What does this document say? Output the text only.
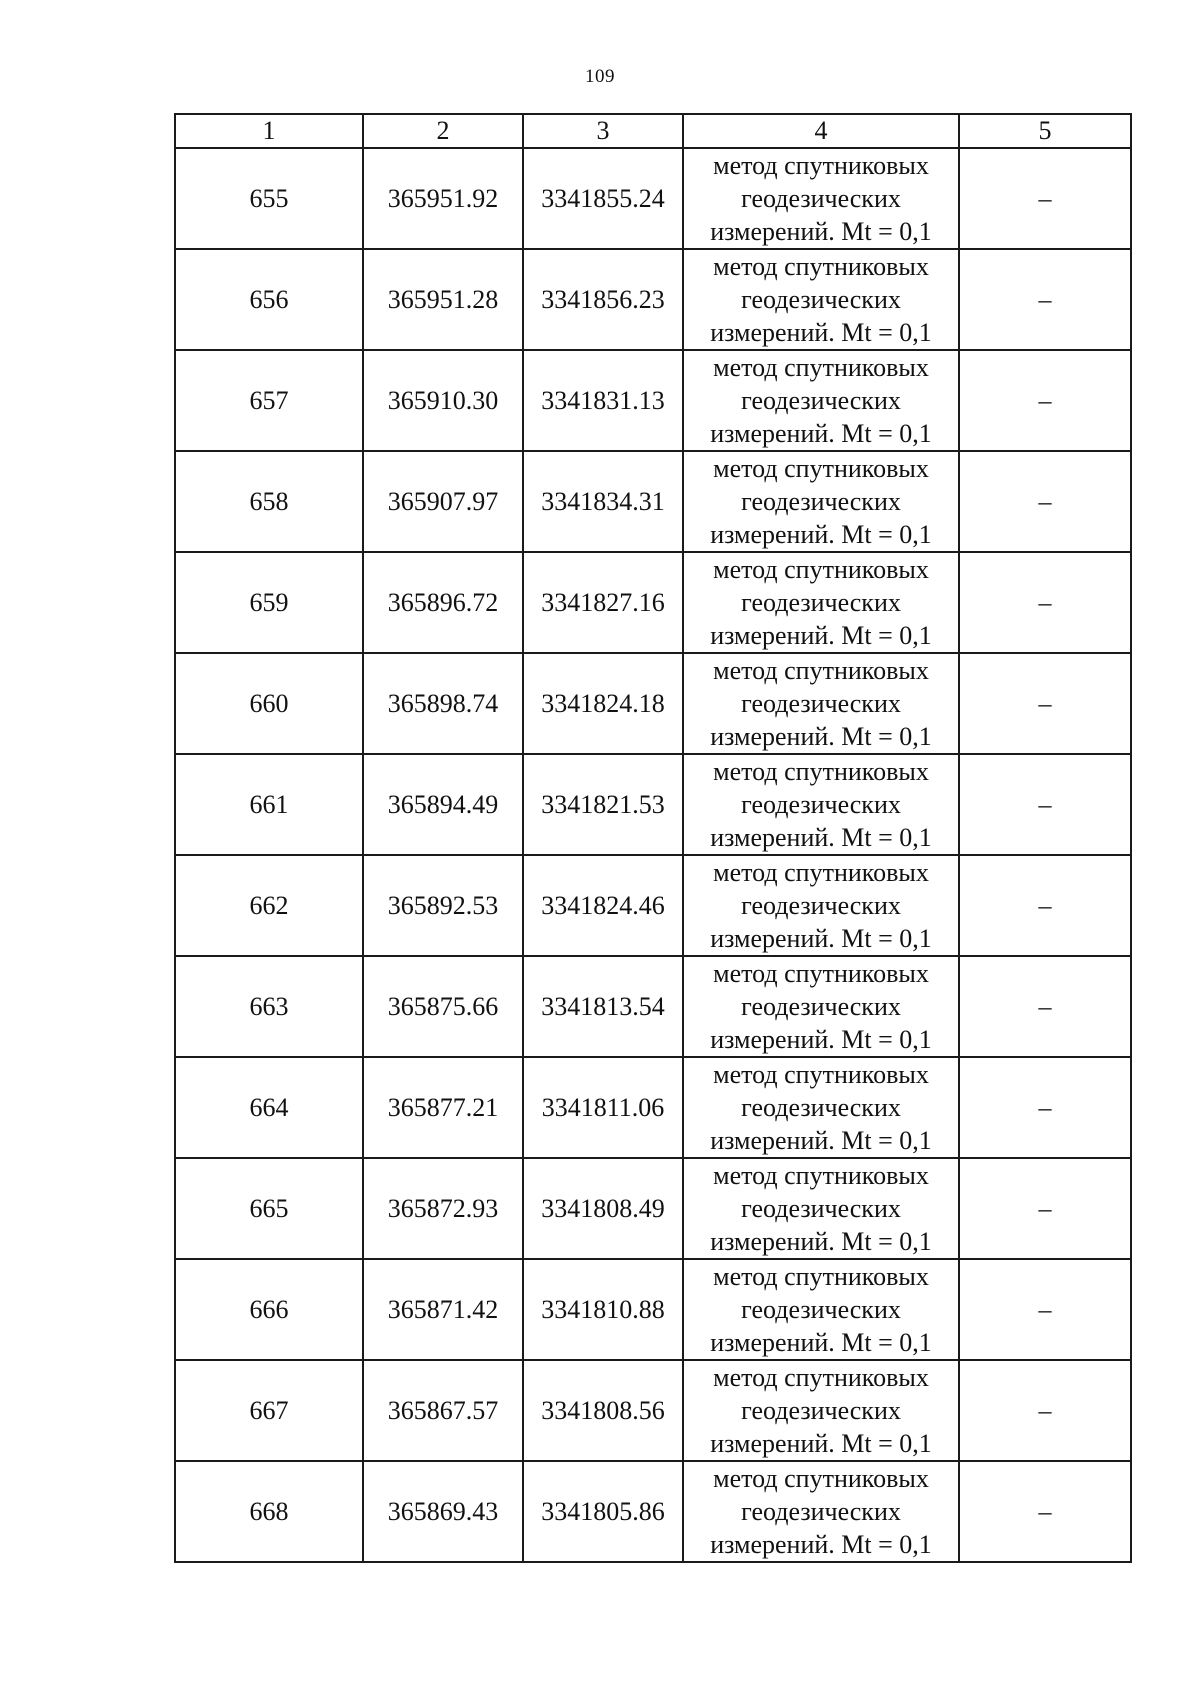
109
1	2	3	4	5
655	365951.92	3341855.24	метод спутниковых
геодезических
измерений. Mt = 0,1	–
656	365951.28	3341856.23	метод спутниковых
геодезических
измерений. Mt = 0,1	–
657	365910.30	3341831.13	метод спутниковых
геодезических
измерений. Mt = 0,1	–
658	365907.97	3341834.31	метод спутниковых
геодезических
измерений. Mt = 0,1	–
659	365896.72	3341827.16	метод спутниковых
геодезических
измерений. Mt = 0,1	–
660	365898.74	3341824.18	метод спутниковых
геодезических
измерений. Mt = 0,1	–
661	365894.49	3341821.53	метод спутниковых
геодезических
измерений. Mt = 0,1	–
662	365892.53	3341824.46	метод спутниковых
геодезических
измерений. Mt = 0,1	–
663	365875.66	3341813.54	метод спутниковых
геодезических
измерений. Mt = 0,1	–
664	365877.21	3341811.06	метод спутниковых
геодезических
измерений. Mt = 0,1	–
665	365872.93	3341808.49	метод спутниковых
геодезических
измерений. Mt = 0,1	–
666	365871.42	3341810.88	метод спутниковых
геодезических
измерений. Mt = 0,1	–
667	365867.57	3341808.56	метод спутниковых
геодезических
измерений. Mt = 0,1	–
668	365869.43	3341805.86	метод спутниковых
геодезических
измерений. Mt = 0,1	–
